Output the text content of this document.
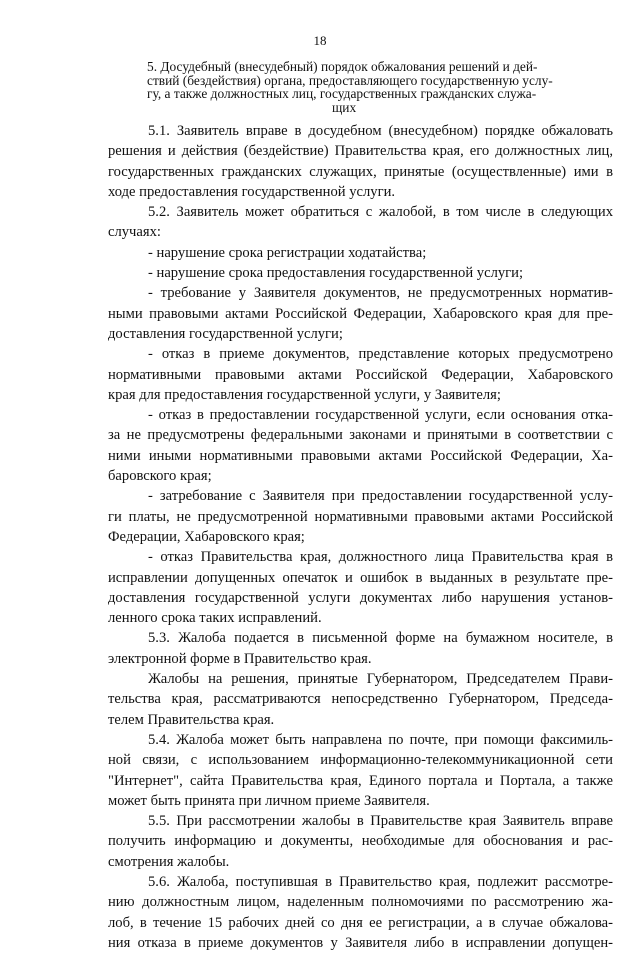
18
5. Досудебный (внесудебный) порядок обжалования решений и дей-
ствий (бездействия) органа, предоставляющего государственную услу-
гу, а также должностных лиц, государственных гражданских служа-
щих
5.1. Заявитель вправе в досудебном (внесудебном) порядке обжаловать
решения и действия (бездействие) Правительства края, его должностных лиц,
государственных гражданских служащих, принятые (осуществленные) ими в
ходе предоставления государственной услуги.
5.2. Заявитель может обратиться с жалобой, в том числе в следующих
случаях:
- нарушение срока регистрации ходатайства;
- нарушение срока предоставления государственной услуги;
- требование у Заявителя документов, не предусмотренных норматив-
ными правовыми актами Российской Федерации, Хабаровского края для пре-
доставления государственной услуги;
- отказ в приеме документов, представление которых предусмотрено
нормативными правовыми актами Российской Федерации, Хабаровского
края для предоставления государственной услуги, у Заявителя;
- отказ в предоставлении государственной услуги, если основания отка-
за не предусмотрены федеральными законами и принятыми в соответствии с
ними иными нормативными правовыми актами Российской Федерации, Ха-
баровского края;
- затребование с Заявителя при предоставлении государственной услу-
ги платы, не предусмотренной нормативными правовыми актами Российской
Федерации, Хабаровского края;
- отказ Правительства края, должностного лица Правительства края в
исправлении допущенных опечаток и ошибок в выданных в результате пре-
доставления государственной услуги документах либо нарушения установ-
ленного срока таких исправлений.
5.3. Жалоба подается в письменной форме на бумажном носителе, в
электронной форме в Правительство края.
Жалобы на решения, принятые Губернатором, Председателем Прави-
тельства края, рассматриваются непосредственно Губернатором, Председа-
телем Правительства края.
5.4. Жалоба может быть направлена по почте, при помощи факсимиль-
ной связи, с использованием информационно-телекоммуникационной сети
"Интернет", сайта Правительства края, Единого портала и Портала, а также
может быть принята при личном приеме Заявителя.
5.5. При рассмотрении жалобы в Правительстве края Заявитель вправе
получить информацию и документы, необходимые для обоснования и рас-
смотрения жалобы.
5.6. Жалоба, поступившая в Правительство края, подлежит рассмотре-
нию должностным лицом, наделенным полномочиями по рассмотрению жа-
лоб, в течение 15 рабочих дней со дня ее регистрации, а в случае обжалова-
ния отказа в приеме документов у Заявителя либо в исправлении допущен-
